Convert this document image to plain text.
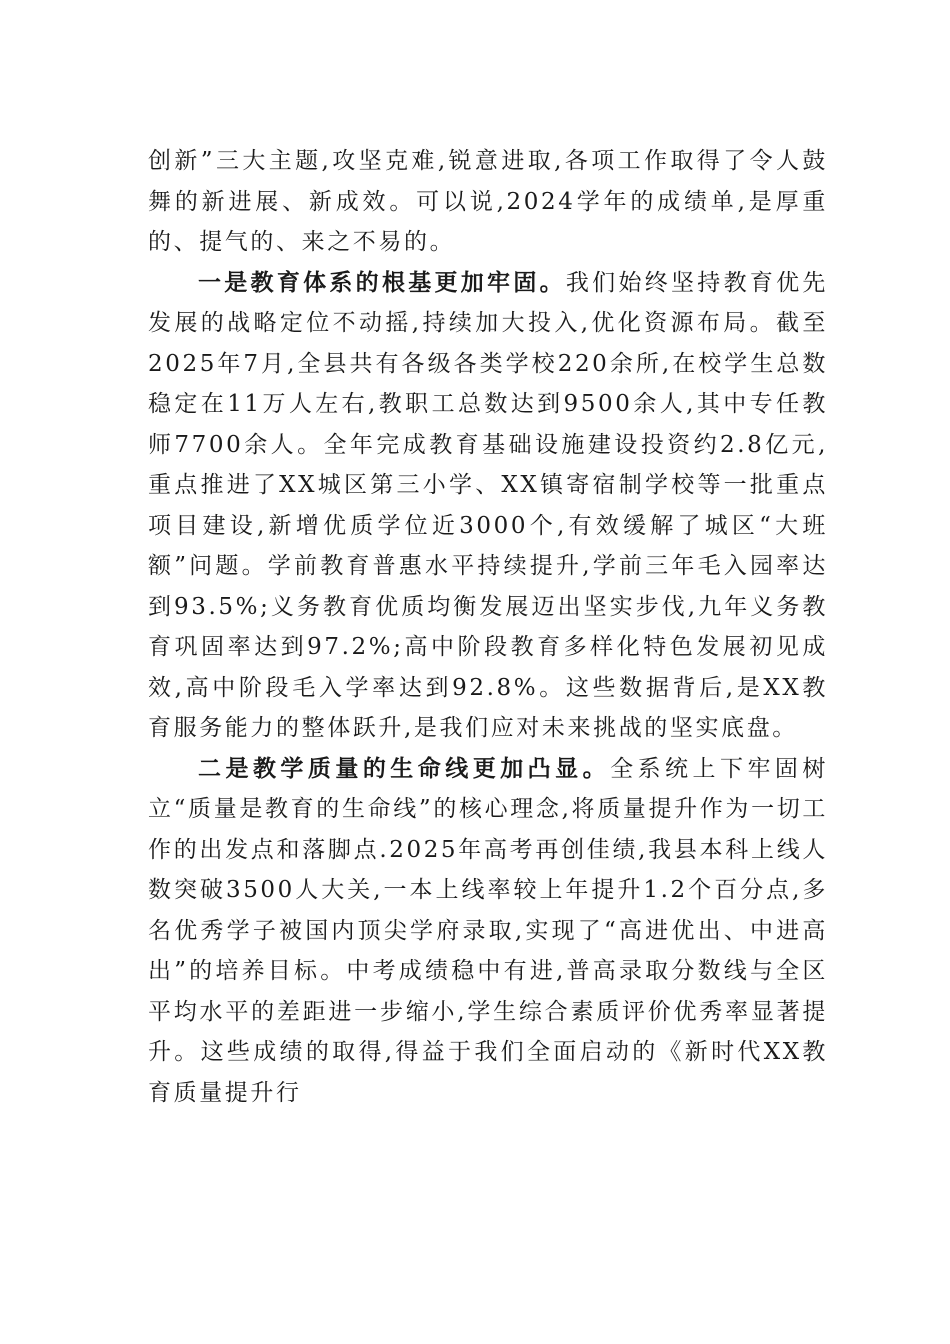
创新”三大主题,攻坚克难,锐意进取,各项工作取得了令人鼓舞的新进展、新成效。可以说,2024学年的成绩单,是厚重的、提气的、来之不易的。

一是教育体系的根基更加牢固。我们始终坚持教育优先发展的战略定位不动摇,持续加大投入,优化资源布局。截至2025年7月,全县共有各级各类学校220余所,在校学生总数稳定在11万人左右,教职工总数达到9500余人,其中专任教师7700余人。全年完成教育基础设施建设投资约2.8亿元,重点推进了XX城区第三小学、XX镇寄宿制学校等一批重点项目建设,新增优质学位近3000个,有效缓解了城区“大班额”问题。学前教育普惠水平持续提升,学前三年毛入园率达到93.5%;义务教育优质均衡发展迈出坚实步伐,九年义务教育巩固率达到97.2%;高中阶段教育多样化特色发展初见成效,高中阶段毛入学率达到92.8%。这些数据背后,是XX教育服务能力的整体跃升,是我们应对未来挑战的坚实底盘。

二是教学质量的生命线更加凸显。全系统上下牢固树立“质量是教育的生命线”的核心理念,将质量提升作为一切工作的出发点和落脚点.2025年高考再创佳绩,我县本科上线人数突破3500人大关,一本上线率较上年提升1.2个百分点,多名优秀学子被国内顶尖学府录取,实现了“高进优出、中进高出”的培养目标。中考成绩稳中有进,普高录取分数线与全区平均水平的差距进一步缩小,学生综合素质评价优秀率显著提升。这些成绩的取得,得益于我们全面启动的《新时代XX教育质量提升行
